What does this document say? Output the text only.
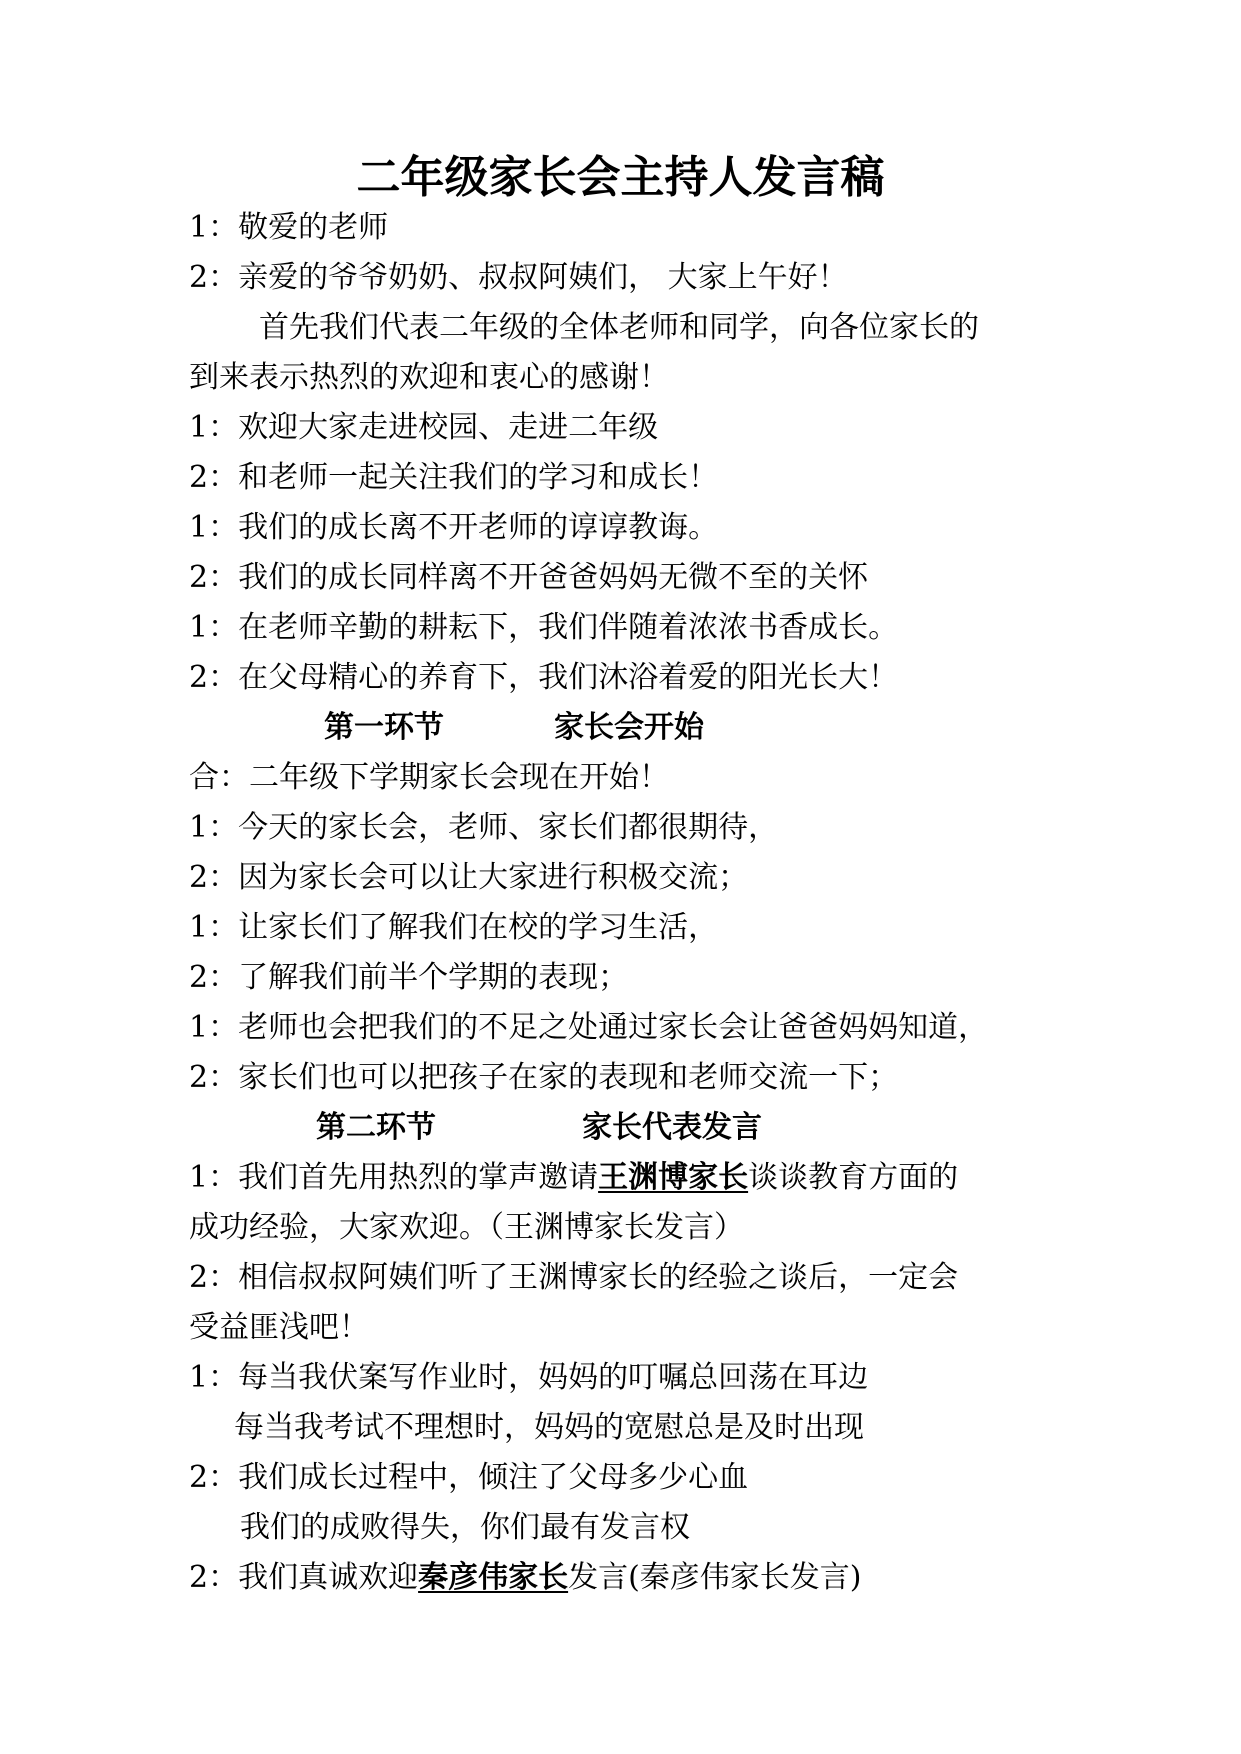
二年级家长会主持人发言稿
1：敬爱的老师
2：亲爱的爷爷奶奶、叔叔阿姨们， 大家上午好！
首先我们代表二年级的全体老师和同学，向各位家长的
到来表示热烈的欢迎和衷心的感谢！
1：欢迎大家走进校园、走进二年级
2：和老师一起关注我们的学习和成长！
1：我们的成长离不开老师的谆谆教诲。
2：我们的成长同样离不开爸爸妈妈无微不至的关怀
1：在老师辛勤的耕耘下，我们伴随着浓浓书香成长。
2：在父母精心的养育下，我们沐浴着爱的阳光长大！
第一环节	家长会开始
合：二年级下学期家长会现在开始！
1：今天的家长会，老师、家长们都很期待，
2：因为家长会可以让大家进行积极交流；
1：让家长们了解我们在校的学习生活，
2：了解我们前半个学期的表现；
1：老师也会把我们的不足之处通过家长会让爸爸妈妈知道，
2：家长们也可以把孩子在家的表现和老师交流一下；
第二环节	家长代表发言
1：我们首先用热烈的掌声邀请王渊博家长谈谈教育方面的
成功经验，大家欢迎。（王渊博家长发言）
2：相信叔叔阿姨们听了王渊博家长的经验之谈后，一定会
受益匪浅吧！
1：每当我伏案写作业时，妈妈的叮嘱总回荡在耳边
每当我考试不理想时，妈妈的宽慰总是及时出现
2：我们成长过程中，倾注了父母多少心血
我们的成败得失，你们最有发言权
2：我们真诚欢迎秦彦伟家长发言(秦彦伟家长发言)
